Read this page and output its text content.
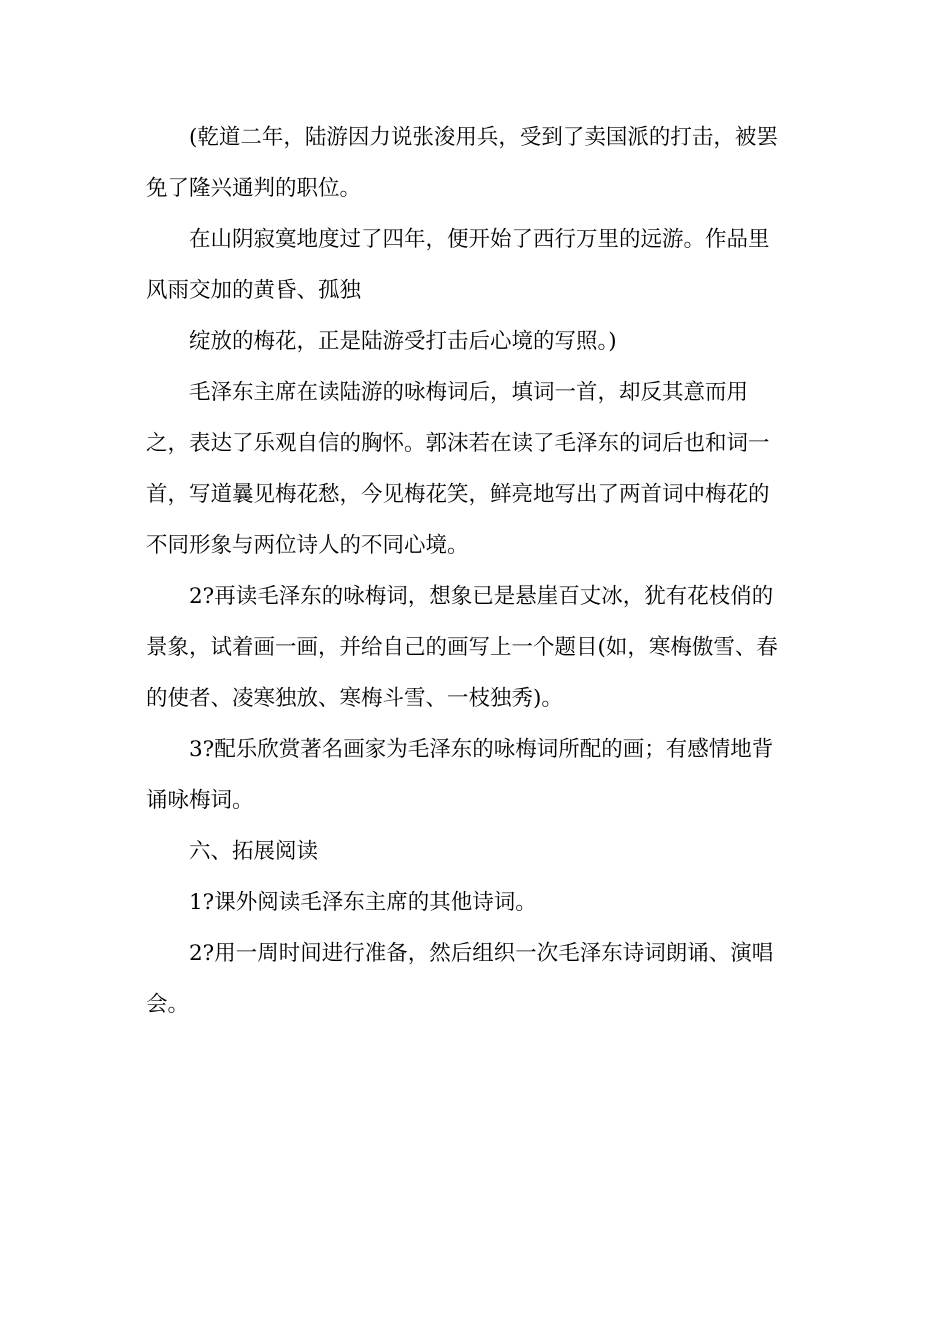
(乾道二年，陆游因力说张浚用兵，受到了卖国派的打击，被罢

免了隆兴通判的职位。

在山阴寂寞地度过了四年，便开始了西行万里的远游。作品里

风雨交加的黄昏、孤独

绽放的梅花，正是陆游受打击后心境的写照。)

毛泽东主席在读陆游的咏梅词后，填词一首，却反其意而用

之，表达了乐观自信的胸怀。郭沫若在读了毛泽东的词后也和词一

首，写道曩见梅花愁，今见梅花笑，鲜亮地写出了两首词中梅花的

不同形象与两位诗人的不同心境。

2?再读毛泽东的咏梅词，想象已是悬崖百丈冰，犹有花枝俏的

景象，试着画一画，并给自己的画写上一个题目(如，寒梅傲雪、春

的使者、凌寒独放、寒梅斗雪、一枝独秀)。

3?配乐欣赏著名画家为毛泽东的咏梅词所配的画；有感情地背

诵咏梅词。

六、拓展阅读

1?课外阅读毛泽东主席的其他诗词。

2?用一周时间进行准备，然后组织一次毛泽东诗词朗诵、演唱

会。
